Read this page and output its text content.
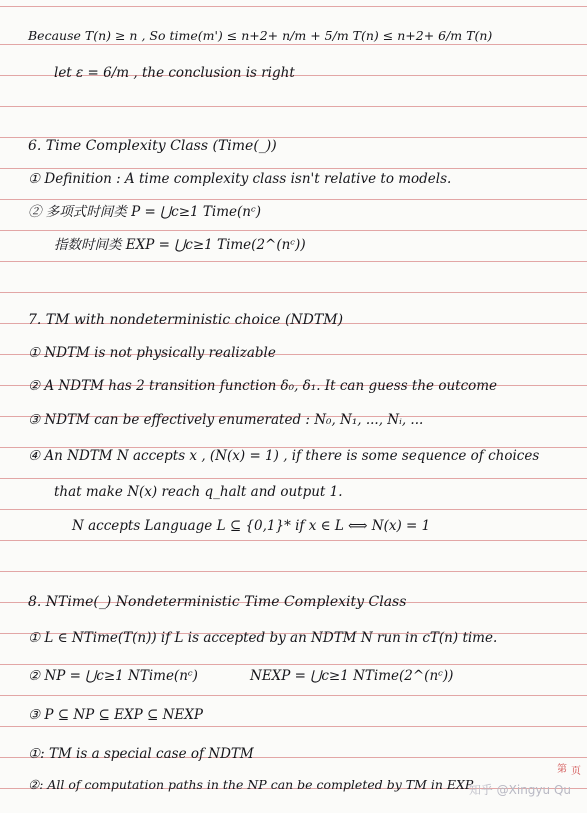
Because T(n) ≥ n , So time(m') ≤ n+2+ n/m + 5/m T(n) ≤ n+2+ 6/m T(n)
let ε = 6/m , the conclusion is right
6. Time Complexity Class (Time(_))
① Definition : A time complexity class isn't relative to models.
② 多项式时间类 P = ⋃c≥1 Time(nᶜ)
指数时间类 EXP = ⋃c≥1 Time(2^(nᶜ))
7. TM with nondeterministic choice (NDTM)
① NDTM is not physically realizable
② A NDTM has 2 transition function δ₀, δ₁. It can guess the outcome
③ NDTM can be effectively enumerated : N₀, N₁, ..., Nᵢ, ...
④ An NDTM N accepts x , (N(x) = 1) , if there is some sequence of choices
that make N(x) reach q_halt and output 1.
N accepts Language L ⊆ {0,1}* if x ∈ L ⟺ N(x) = 1
8. NTime(_) Nondeterministic Time Complexity Class
① L ∈ NTime(T(n)) if L is accepted by an NDTM N run in cT(n) time.
② NP = ⋃c≥1 NTime(nᶜ)	NEXP = ⋃c≥1 NTime(2^(nᶜ))
③ P ⊆ NP ⊆ EXP ⊆ NEXP
①: TM is a special case of NDTM
②: All of computation paths in the NP can be completed by TM in EXP
第 页
知乎 @Xingyu Qu
